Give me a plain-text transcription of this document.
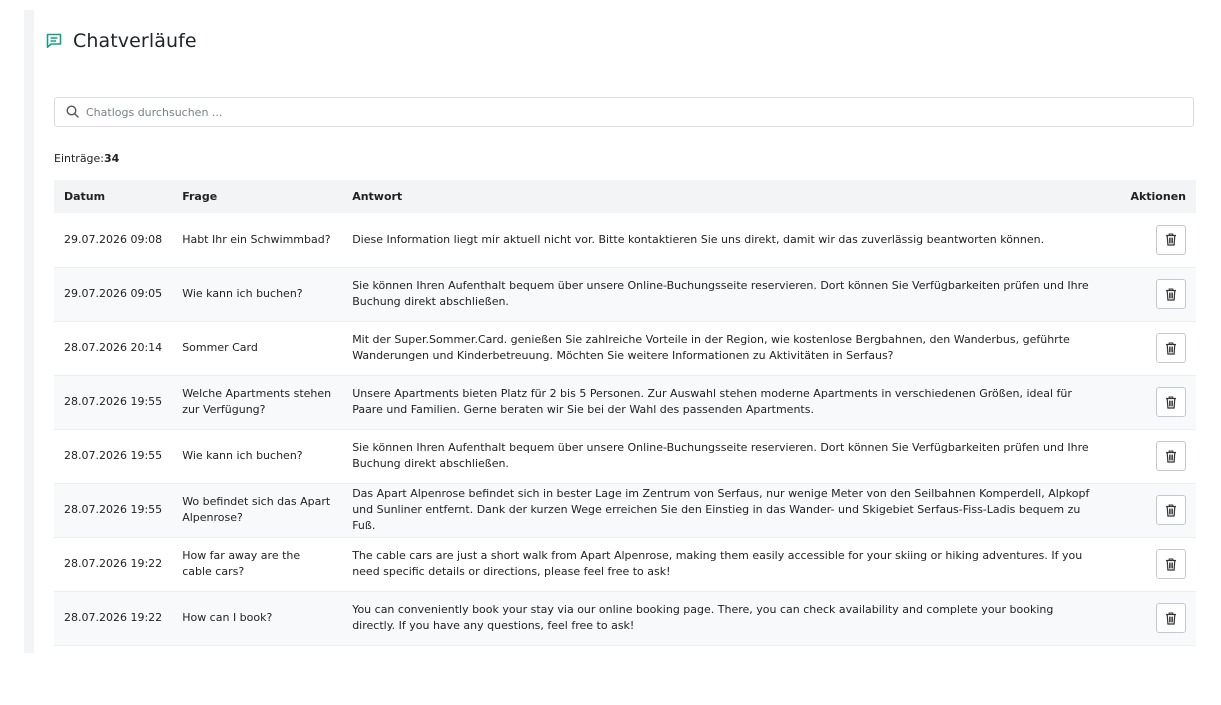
Chatverläufe
Chatlogs durchsuchen ...
Einträge:34
Datum	Frage	Antwort	Aktionen
29.07.2026 09:08	Habt Ihr ein Schwimmbad?	Diese Information liegt mir aktuell nicht vor. Bitte kontaktieren Sie uns direkt, damit wir das zuverlässig beantworten können.	

29.07.2026 09:05	Wie kann ich buchen?	Sie können Ihren Aufenthalt bequem über unsere Online-Buchungsseite reservieren. Dort können Sie Verfügbarkeiten prüfen und Ihre Buchung direkt abschließen.	

28.07.2026 20:14	Sommer Card	Mit der Super.Sommer.Card. genießen Sie zahlreiche Vorteile in der Region, wie kostenlose Bergbahnen, den Wanderbus, geführte Wanderungen und Kinderbetreuung. Möchten Sie weitere Informationen zu Aktivitäten in Serfaus?	

28.07.2026 19:55	Welche Apartments stehen zur Verfügung?	Unsere Apartments bieten Platz für 2 bis 5 Personen. Zur Auswahl stehen moderne Apartments in verschiedenen Größen, ideal für Paare und Familien. Gerne beraten wir Sie bei der Wahl des passenden Apartments.	

28.07.2026 19:55	Wie kann ich buchen?	Sie können Ihren Aufenthalt bequem über unsere Online-Buchungsseite reservieren. Dort können Sie Verfügbarkeiten prüfen und Ihre Buchung direkt abschließen.	

28.07.2026 19:55	Wo befindet sich das Apart Alpenrose?	Das Apart Alpenrose befindet sich in bester Lage im Zentrum von Serfaus, nur wenige Meter von den Seilbahnen Komperdell, Alpkopf und Sunliner entfernt. Dank der kurzen Wege erreichen Sie den Einstieg in das Wander- und Skigebiet Serfaus-Fiss-Ladis bequem zu Fuß.	

28.07.2026 19:22	How far away are the cable cars?	The cable cars are just a short walk from Apart Alpenrose, making them easily accessible for your skiing or hiking adventures. If you need specific details or directions, please feel free to ask!	

28.07.2026 19:22	How can I book?	You can conveniently book your stay via our online booking page. There, you can check availability and complete your booking directly. If you have any questions, feel free to ask!	
